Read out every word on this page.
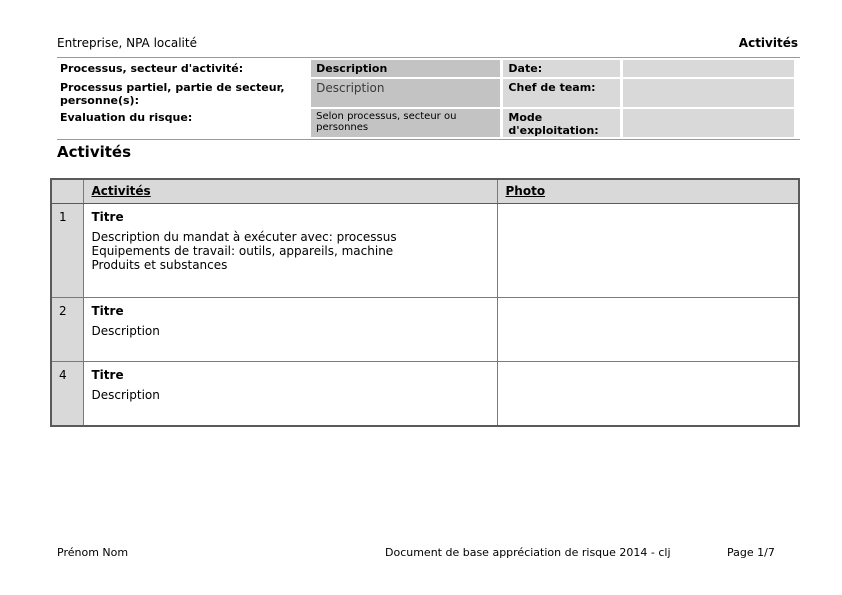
Entreprise, NPA localité	Activités
Processus, secteur d'activité:	Description	Date:	
Processus partiel, partie de secteur, personne(s):	Description	Chef de team:	
Evaluation du risque:	Selon processus, secteur ou personnes	Mode d'exploitation:	
Activités

	Activités	Photo

1	Titre
Description du mandat à exécuter avec: processus
Equipements de travail: outils, appareils, machine
Produits et substances	

2	Titre
Description	

4	Titre
Description	

Prénom Nom	Document de base appréciation de risque 2014 - clj	Page 1/7
